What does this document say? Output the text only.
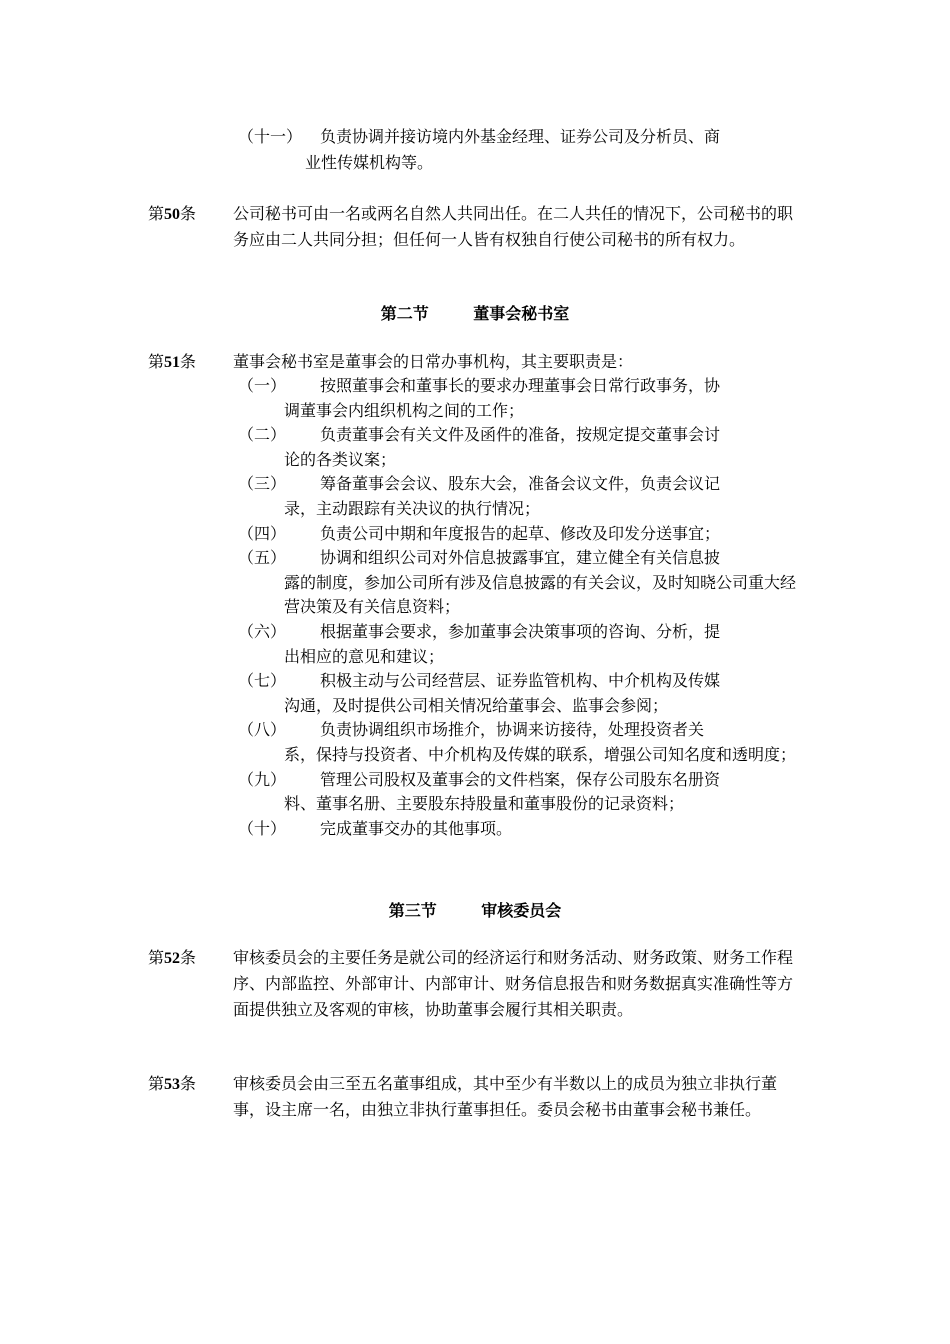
（十一） 负责协调并接访境内外基金经理、证券公司及分析员、商
业性传媒机构等。
第50条 公司秘书可由一名或两名自然人共同出任。在二人共任的情况下，公司秘书的职务应由二人共同分担；但任何一人皆有权独自行使公司秘书的所有权力。
第二节        董事会秘书室
第51条 董事会秘书室是董事会的日常办事机构，其主要职责是：
（一） 按照董事会和董事长的要求办理董事会日常行政事务，协
调董事会内组织机构之间的工作；
（二） 负责董事会有关文件及函件的准备，按规定提交董事会讨
论的各类议案；
（三） 筹备董事会会议、股东大会，准备会议文件，负责会议记
录，主动跟踪有关决议的执行情况；
（四） 负责公司中期和年度报告的起草、修改及印发分送事宜；
（五） 协调和组织公司对外信息披露事宜，建立健全有关信息披
露的制度，参加公司所有涉及信息披露的有关会议，及时知晓公司重大经营决策及有关信息资料；
（六） 根据董事会要求，参加董事会决策事项的咨询、分析，提
出相应的意见和建议；
（七） 积极主动与公司经营层、证券监管机构、中介机构及传媒
沟通，及时提供公司相关情况给董事会、监事会参阅；
（八） 负责协调组织市场推介，协调来访接待，处理投资者关
系，保持与投资者、中介机构及传媒的联系，增强公司知名度和透明度；
（九） 管理公司股权及董事会的文件档案，保存公司股东名册资
料、董事名册、主要股东持股量和董事股份的记录资料；
（十） 完成董事交办的其他事项。
第三节        审核委员会
第52条 审核委员会的主要任务是就公司的经济运行和财务活动、财务政策、财务工作程序、内部监控、外部审计、内部审计、财务信息报告和财务数据真实准确性等方面提供独立及客观的审核，协助董事会履行其相关职责。
第53条 审核委员会由三至五名董事组成，其中至少有半数以上的成员为独立非执行董事，设主席一名，由独立非执行董事担任。委员会秘书由董事会秘书兼任。
